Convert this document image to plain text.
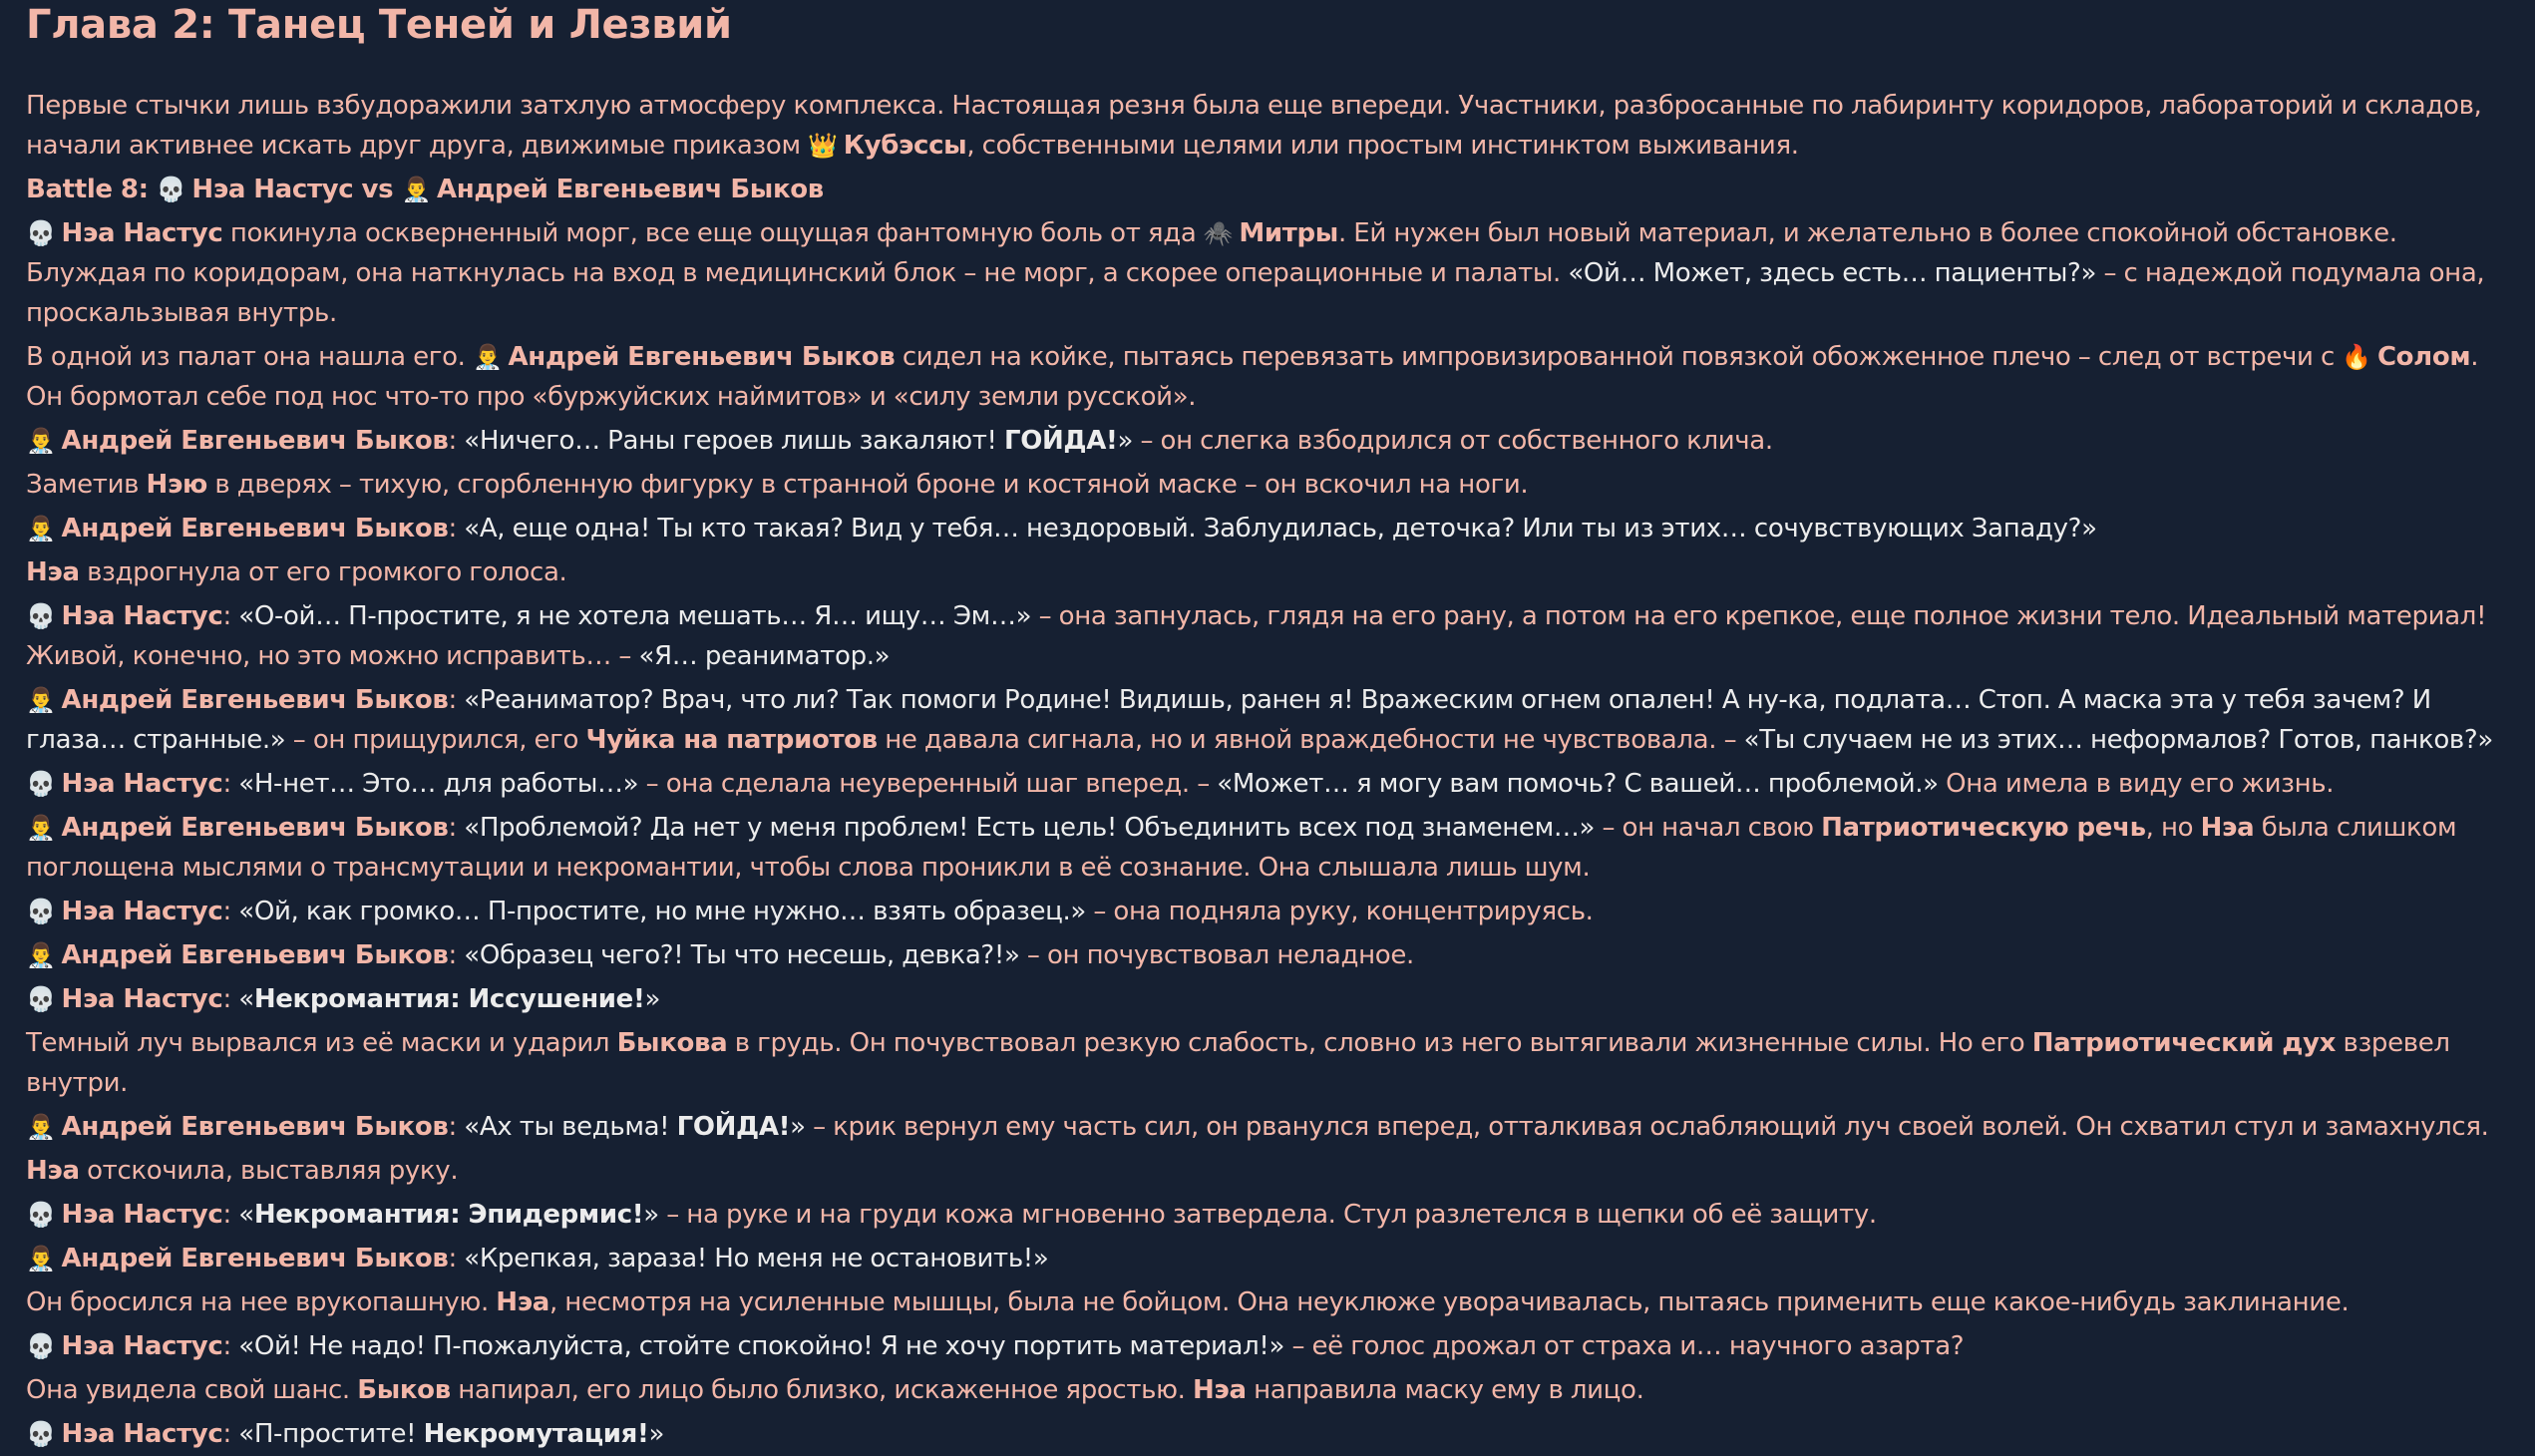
Глава 2: Танец Теней и Лезвий
Первые стычки лишь взбудоражили затхлую атмосферу комплекса. Настоящая резня была еще впереди. Участники, разбросанные по лабиринту коридоров, лабораторий и складов, начали активнее искать друг друга, движимые приказом 👑 Кубэссы, собственными целями или простым инстинктом выживания.
Battle 8: 💀 Нэа Настус vs 👨‍⚕️ Андрей Евгеньевич Быков
💀 Нэа Настус покинула оскверненный морг, все еще ощущая фантомную боль от яда 🕷️ Митры. Ей нужен был новый материал, и желательно в более спокойной обстановке. Блуждая по коридорам, она наткнулась на вход в медицинский блок – не морг, а скорее операционные и палаты. «Ой… Может, здесь есть… пациенты?» – с надеждой подумала она, проскальзывая внутрь.
В одной из палат она нашла его. 👨‍⚕️ Андрей Евгеньевич Быков сидел на койке, пытаясь перевязать импровизированной повязкой обожженное плечо – след от встречи с 🔥 Солом. Он бормотал себе под нос что-то про «буржуйских наймитов» и «силу земли русской».
👨‍⚕️ Андрей Евгеньевич Быков: «Ничего… Раны героев лишь закаляют! ГОЙДА!» – он слегка взбодрился от собственного клича.
Заметив Нэю в дверях – тихую, сгорбленную фигурку в странной броне и костяной маске – он вскочил на ноги.
👨‍⚕️ Андрей Евгеньевич Быков: «А, еще одна! Ты кто такая? Вид у тебя… нездоровый. Заблудилась, деточка? Или ты из этих… сочувствующих Западу?»
Нэа вздрогнула от его громкого голоса.
💀 Нэа Настус: «О-ой… П-простите, я не хотела мешать… Я… ищу… Эм…» – она запнулась, глядя на его рану, а потом на его крепкое, еще полное жизни тело. Идеальный материал! Живой, конечно, но это можно исправить… – «Я… реаниматор.»
👨‍⚕️ Андрей Евгеньевич Быков: «Реаниматор? Врач, что ли? Так помоги Родине! Видишь, ранен я! Вражеским огнем опален! А ну-ка, подлата… Стоп. А маска эта у тебя зачем? И глаза… странные.» – он прищурился, его Чуйка на патриотов не давала сигнала, но и явной враждебности не чувствовала. – «Ты случаем не из этих… неформалов? Готов, панков?»
💀 Нэа Настус: «Н-нет… Это… для работы…» – она сделала неуверенный шаг вперед. – «Может… я могу вам помочь? С вашей… проблемой.» Она имела в виду его жизнь.
👨‍⚕️ Андрей Евгеньевич Быков: «Проблемой? Да нет у меня проблем! Есть цель! Объединить всех под знаменем…» – он начал свою Патриотическую речь, но Нэа была слишком поглощена мыслями о трансмутации и некромантии, чтобы слова проникли в её сознание. Она слышала лишь шум.
💀 Нэа Настус: «Ой, как громко… П-простите, но мне нужно… взять образец.» – она подняла руку, концентрируясь.
👨‍⚕️ Андрей Евгеньевич Быков: «Образец чего?! Ты что несешь, девка?!» – он почувствовал неладное.
💀 Нэа Настус: «Некромантия: Иссушение!»
Темный луч вырвался из её маски и ударил Быкова в грудь. Он почувствовал резкую слабость, словно из него вытягивали жизненные силы. Но его Патриотический дух взревел внутри.
👨‍⚕️ Андрей Евгеньевич Быков: «Ах ты ведьма! ГОЙДА!» – крик вернул ему часть сил, он рванулся вперед, отталкивая ослабляющий луч своей волей. Он схватил стул и замахнулся.
Нэа отскочила, выставляя руку.
💀 Нэа Настус: «Некромантия: Эпидермис!» – на руке и на груди кожа мгновенно затвердела. Стул разлетелся в щепки об её защиту.
👨‍⚕️ Андрей Евгеньевич Быков: «Крепкая, зараза! Но меня не остановить!»
Он бросился на нее врукопашную. Нэа, несмотря на усиленные мышцы, была не бойцом. Она неуклюже уворачивалась, пытаясь применить еще какое-нибудь заклинание.
💀 Нэа Настус: «Ой! Не надо! П-пожалуйста, стойте спокойно! Я не хочу портить материал!» – её голос дрожал от страха и… научного азарта?
Она увидела свой шанс. Быков напирал, его лицо было близко, искаженное яростью. Нэа направила маску ему в лицо.
💀 Нэа Настус: «П-простите! Некромутация!»
